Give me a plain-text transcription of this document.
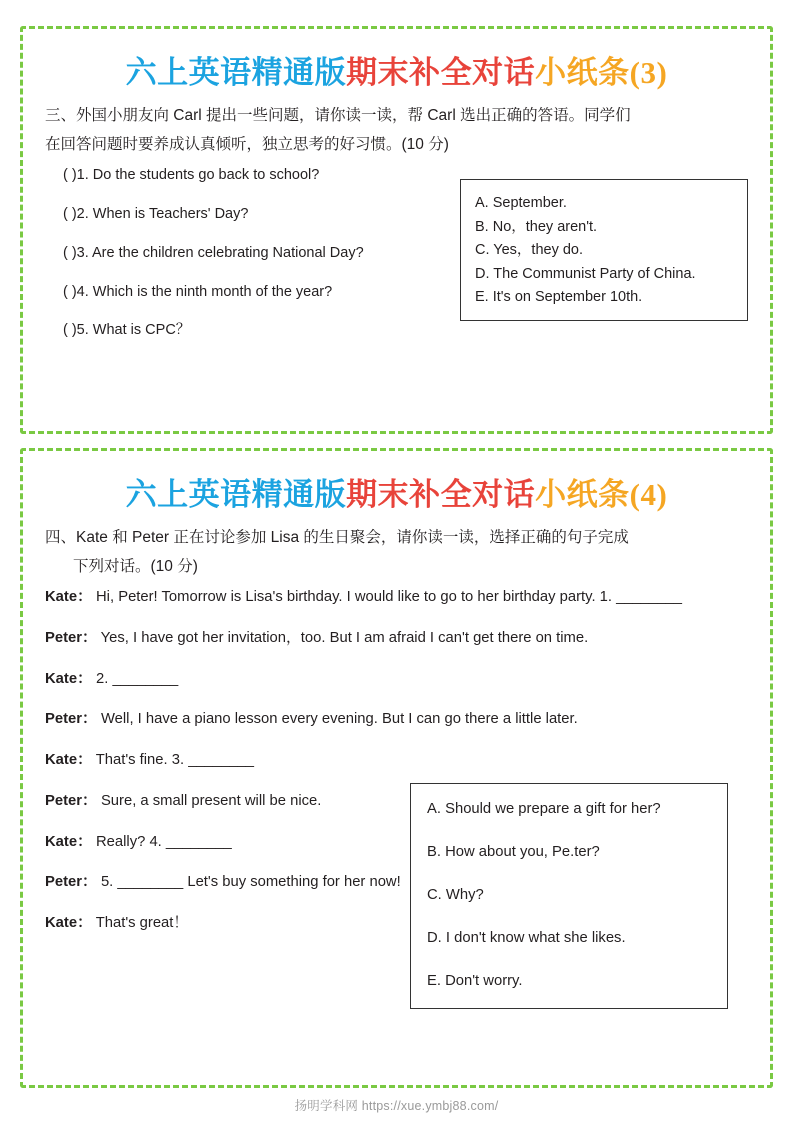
六上英语精通版期末补全对话小纸条(3)
三、外国小朋友向 Carl 提出一些问题，请你读一读，帮 Carl 选出正确的答语。同学们
在回答问题时要养成认真倾听，独立思考的好习惯。(10 分)
( )1. Do the students go back to school?
( )2. When is Teachers' Day?
( )3. Are the children celebrating National Day?
( )4. Which is the ninth month of the year?
( )5. What is CPC？
A. September.
B. No，they aren't.
C. Yes，they do.
D. The Communist Party of China.
E. It's on September 10th.
六上英语精通版期末补全对话小纸条(4)
四、Kate 和 Peter 正在讨论参加 Lisa 的生日聚会，请你读一读，选择正确的句子完成
下列对话。(10 分)
Kate： Hi, Peter! Tomorrow is Lisa's birthday. I would like to go to her birthday party. 1. ________
Peter： Yes, I have got her invitation，too. But I am afraid I can't get there on time.
Kate： 2. ________
Peter： Well, I have a piano lesson every evening. But I can go there a little later.
Kate： That's fine. 3. ________
Peter： Sure, a small present will be nice.
Kate： Really? 4. ________
Peter： 5. ________ Let's buy something for her now!
Kate： That's great！
A. Should we prepare a gift for her?
B. How about you, Pe.ter?
C. Why?
D. I don't know what she likes.
E. Don't worry.
扬明学科网 https://xue.ymbj88.com/
